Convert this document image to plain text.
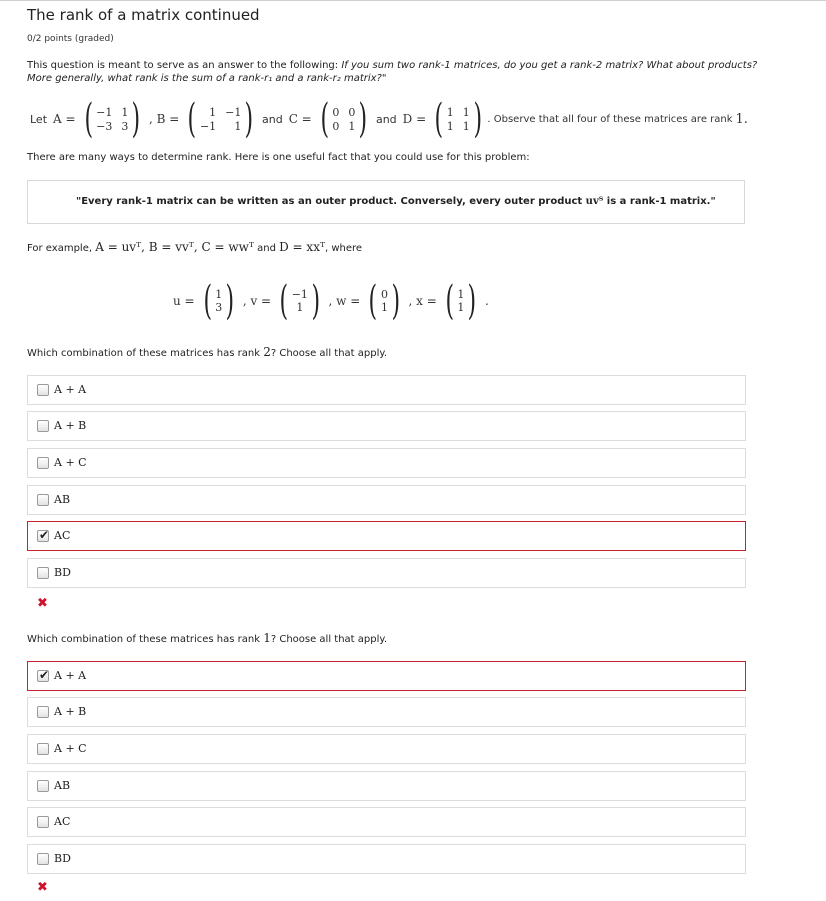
The rank of a matrix continued
0/2 points (graded)
This question is meant to serve as an answer to the following: If you sum two rank-1 matrices, do you get a rank-2 matrix? What about products? More generally, what rank is the sum of a rank-r₁ and a rank-r₂ matrix?"
Let A = ( −1 1
−3 3 ) , B = (	1 −1
−1	1 ) and C = ( 0 0
0 1 ) and D = ( 1 1
1 1 ) . Observe that all four of these matrices are rank 1.
There are many ways to determine rank. Here is one useful fact that you could use for this problem:
"Every rank-1 matrix can be written as an outer product. Conversely, every outer product uvᵀ is a rank-1 matrix."
For example, A = uvᵀ, B = vvᵀ, C = wwᵀ and D = xxᵀ, where
u = ( 1
3 ) , v = ( −1
1 ) , w = ( 0
1 ) , x = ( 1
1 ) .
Which combination of these matrices has rank 2? Choose all that apply.
A + A
A + B
A + C
AB
✔ AC
BD
✖
Which combination of these matrices has rank 1? Choose all that apply.
✔ A + A
A + B
A + C
AB
AC
BD
✖
